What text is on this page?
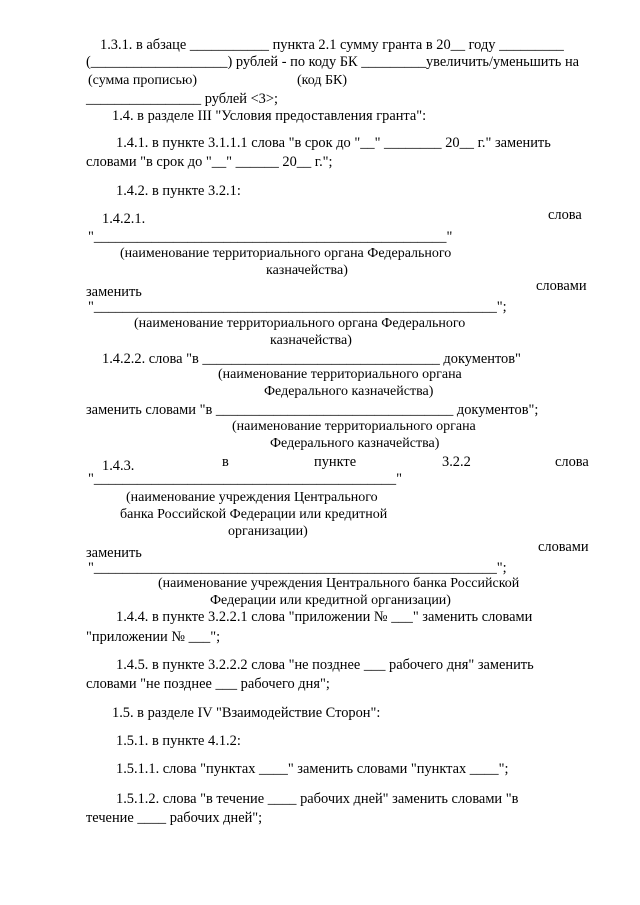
1.3.1. в абзаце ___________ пункта 2.1 сумму гранта в 20__ году _________
(___________________) рублей - по коду БК _________увеличить/уменьшить на
(сумма прописью)	(код БК)
________________ рублей <3>;
1.4. в разделе III "Условия предоставления гранта":
1.4.1. в пункте 3.1.1.1 слова "в срок до "__" ________ 20__ г." заменить
словами "в срок до "__" ______ 20__ г.";
1.4.2. в пункте 3.2.1:
1.4.2.1.	слова
"_________________________________________________"
(наименование территориального органа Федерального
казначейства)
заменить	словами
"________________________________________________________";
(наименование территориального органа Федерального
казначейства)
1.4.2.2. слова "в _________________________________ документов"
(наименование территориального органа
Федерального казначейства)
заменить словами "в _________________________________ документов";
(наименование территориального органа
Федерального казначейства)
1.4.3.	в	пункте	3.2.2	слова
"__________________________________________"
(наименование учреждения Центрального
банка Российской Федерации или кредитной
организации)
заменить	словами
"________________________________________________________";
(наименование учреждения Центрального банка Российской
Федерации или кредитной организации)
1.4.4. в пункте 3.2.2.1 слова "приложении № ___" заменить словами
"приложении № ___";
1.4.5. в пункте 3.2.2.2 слова "не позднее ___ рабочего дня" заменить
словами "не позднее ___ рабочего дня";
1.5. в разделе IV "Взаимодействие Сторон":
1.5.1. в пункте 4.1.2:
1.5.1.1. слова "пунктах ____" заменить словами "пунктах ____";
1.5.1.2. слова "в течение ____ рабочих дней" заменить словами "в
течение ____ рабочих дней";
